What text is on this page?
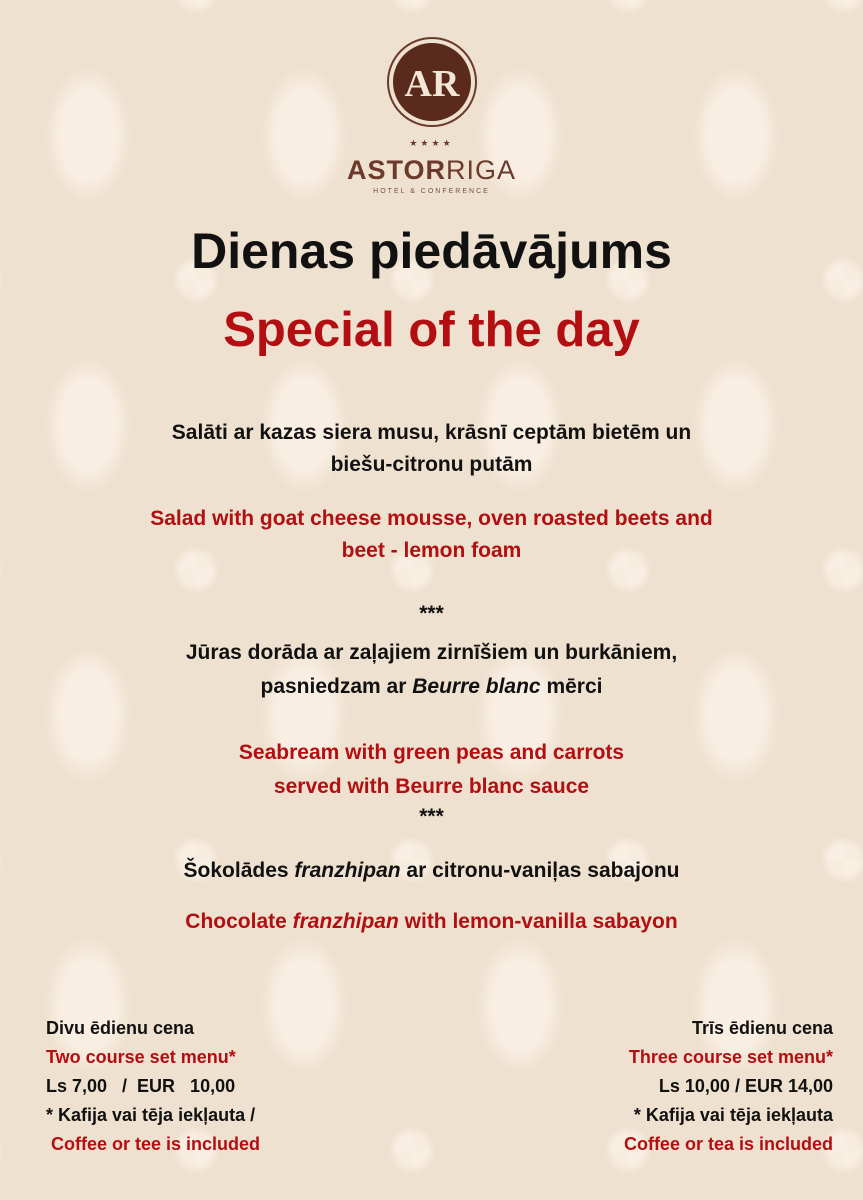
AR
★★★★
ASTORRIGA
HOTEL & CONFERENCE
Dienas piedāvājums
Special of the day
Salāti ar kazas siera musu, krāsnī ceptām bietēm un
biešu-citronu putām
Salad with goat cheese mousse, oven roasted beets and
beet - lemon foam
***
Jūras dorāda ar zaļajiem zirnīšiem un burkāniem,
pasniedzam ar Beurre blanc mērci
Seabream with green peas and carrots
served with Beurre blanc sauce
***
Šokolādes franzhipan ar citronu-vaniļas sabajonu
Chocolate franzhipan with lemon-vanilla sabayon
Divu ēdienu cena
Two course set menu*
Ls 7,00   /  EUR   10,00
* Kafija vai tēja iekļauta /
Coffee or tee is included
Trīs ēdienu cena
Three course set menu*
Ls 10,00 / EUR 14,00
* Kafija vai tēja iekļauta
Coffee or tea is included
